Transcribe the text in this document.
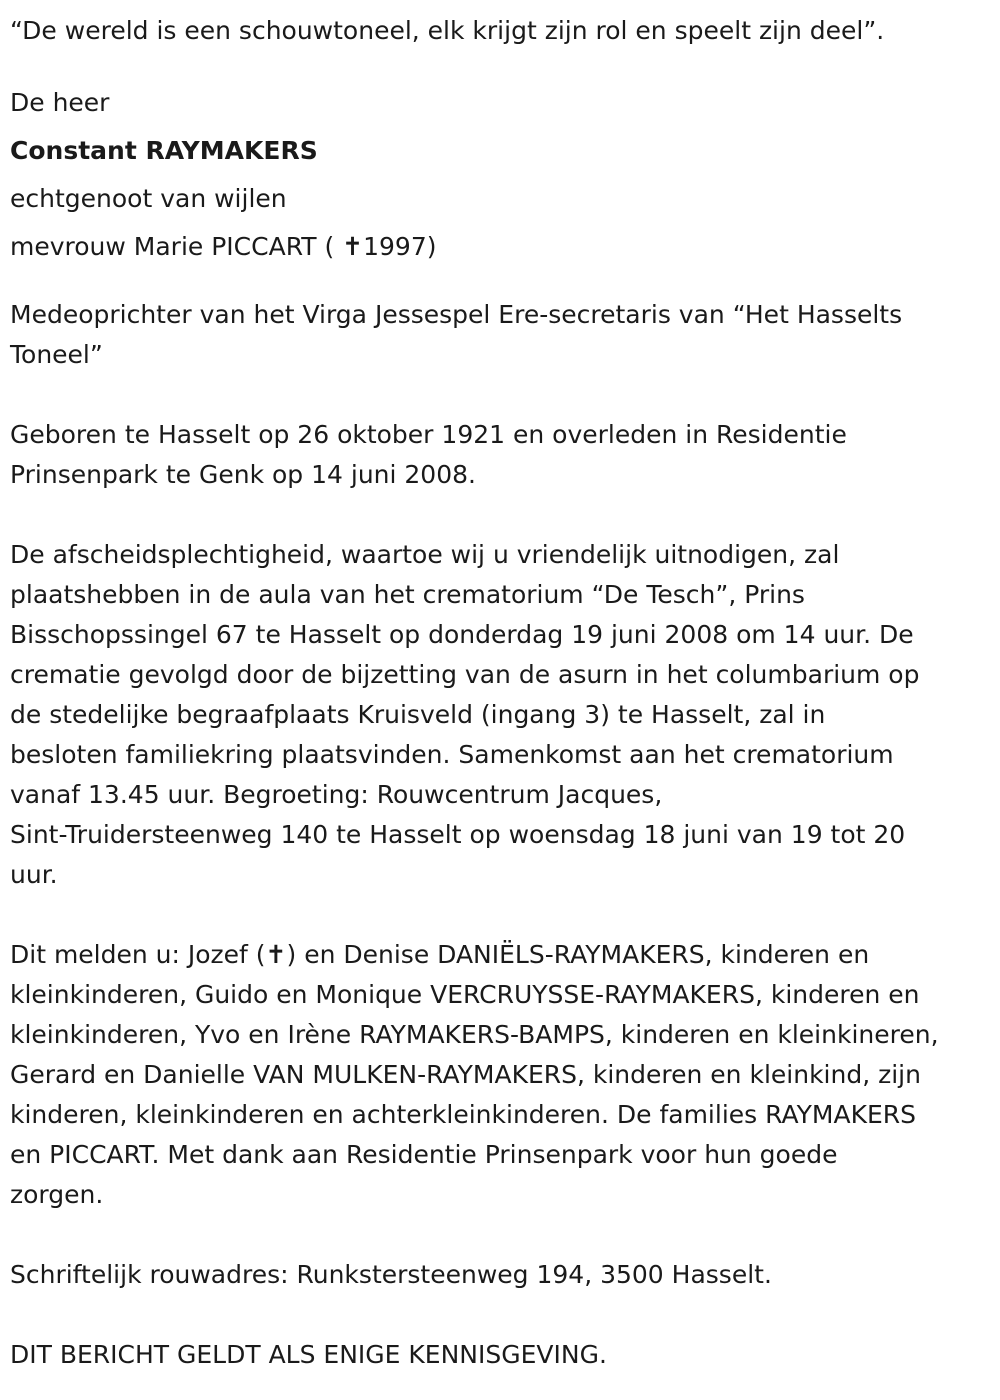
“De wereld is een schouwtoneel, elk krijgt zijn rol en speelt zijn deel”.

De heer

Constant RAYMAKERS

echtgenoot van wijlen

mevrouw Marie PICCART ( ✝1997)

Medeoprichter van het Virga Jessespel Ere-secretaris van “Het Hasselts

Toneel”

Geboren te Hasselt op 26 oktober 1921 en overleden in Residentie

Prinsenpark te Genk op 14 juni 2008.

De afscheidsplechtigheid, waartoe wij u vriendelijk uitnodigen, zal

plaatshebben in de aula van het crematorium “De Tesch”, Prins

Bisschopssingel 67 te Hasselt op donderdag 19 juni 2008 om 14 uur. De

crematie gevolgd door de bijzetting van de asurn in het columbarium op

de stedelijke begraafplaats Kruisveld (ingang 3) te Hasselt, zal in

besloten familiekring plaatsvinden. Samenkomst aan het crematorium

vanaf 13.45 uur. Begroeting: Rouwcentrum Jacques,

Sint-Truidersteenweg 140 te Hasselt op woensdag 18 juni van 19 tot 20

uur.

Dit melden u: Jozef (✝) en Denise DANIËLS-RAYMAKERS, kinderen en

kleinkinderen, Guido en Monique VERCRUYSSE-RAYMAKERS, kinderen en

kleinkinderen, Yvo en Irène RAYMAKERS-BAMPS, kinderen en kleinkineren,

Gerard en Danielle VAN MULKEN-RAYMAKERS, kinderen en kleinkind, zijn

kinderen, kleinkinderen en achterkleinkinderen. De families RAYMAKERS

en PICCART. Met dank aan Residentie Prinsenpark voor hun goede

zorgen.

Schriftelijk rouwadres: Runkstersteenweg 194, 3500 Hasselt.

DIT BERICHT GELDT ALS ENIGE KENNISGEVING.
